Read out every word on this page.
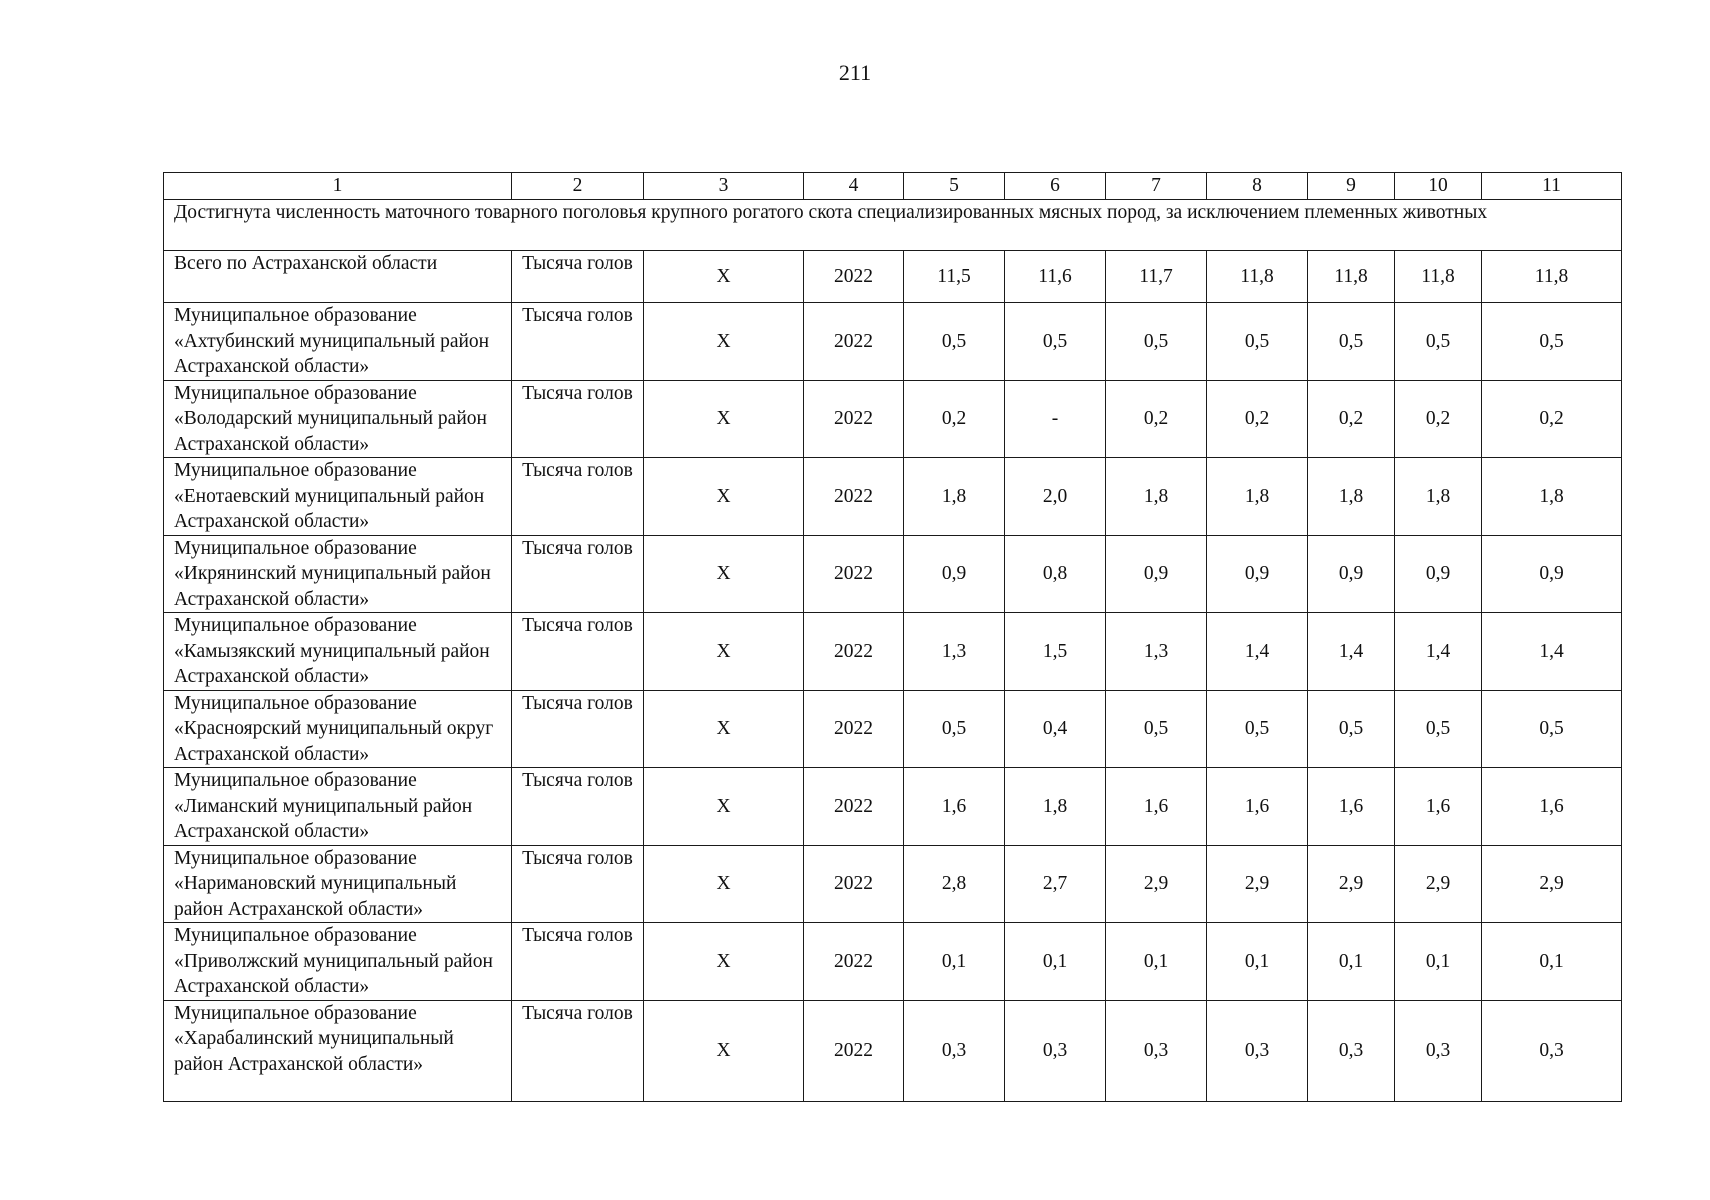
211
1	2	3	4	5	6	7	8	9	10	11
Достигнута численность маточного товарного поголовья крупного рогатого скота специализированных мясных пород, за исключением племенных животных										
Всего по Астраханской области	Тысяча голов	Х	2022	11,5	11,6	11,7	11,8	11,8	11,8	11,8
Муниципальное образование «Ахтубинский муниципальный район Астраханской области»	Тысяча голов	Х	2022	0,5	0,5	0,5	0,5	0,5	0,5	0,5
Муниципальное образование «Володарский муниципальный район Астраханской области»	Тысяча голов	Х	2022	0,2	-	0,2	0,2	0,2	0,2	0,2
Муниципальное образование «Енотаевский муниципальный район Астраханской области»	Тысяча голов	Х	2022	1,8	2,0	1,8	1,8	1,8	1,8	1,8
Муниципальное образование «Икрянинский муниципальный район Астраханской области»	Тысяча голов	Х	2022	0,9	0,8	0,9	0,9	0,9	0,9	0,9
Муниципальное образование «Камызякский муниципальный район Астраханской области»	Тысяча голов	Х	2022	1,3	1,5	1,3	1,4	1,4	1,4	1,4
Муниципальное образование «Красноярский муниципальный округ Астраханской области»	Тысяча голов	Х	2022	0,5	0,4	0,5	0,5	0,5	0,5	0,5
Муниципальное образование «Лиманский муниципальный район Астраханской области»	Тысяча голов	Х	2022	1,6	1,8	1,6	1,6	1,6	1,6	1,6
Муниципальное образование «Наримановский муниципальный район Астраханской области»	Тысяча голов	Х	2022	2,8	2,7	2,9	2,9	2,9	2,9	2,9
Муниципальное образование «Приволжский муниципальный район Астраханской области»	Тысяча голов	Х	2022	0,1	0,1	0,1	0,1	0,1	0,1	0,1
Муниципальное образование «Харабалинский муниципальный район Астраханской области»	Тысяча голов	Х	2022	0,3	0,3	0,3	0,3	0,3	0,3	0,3
